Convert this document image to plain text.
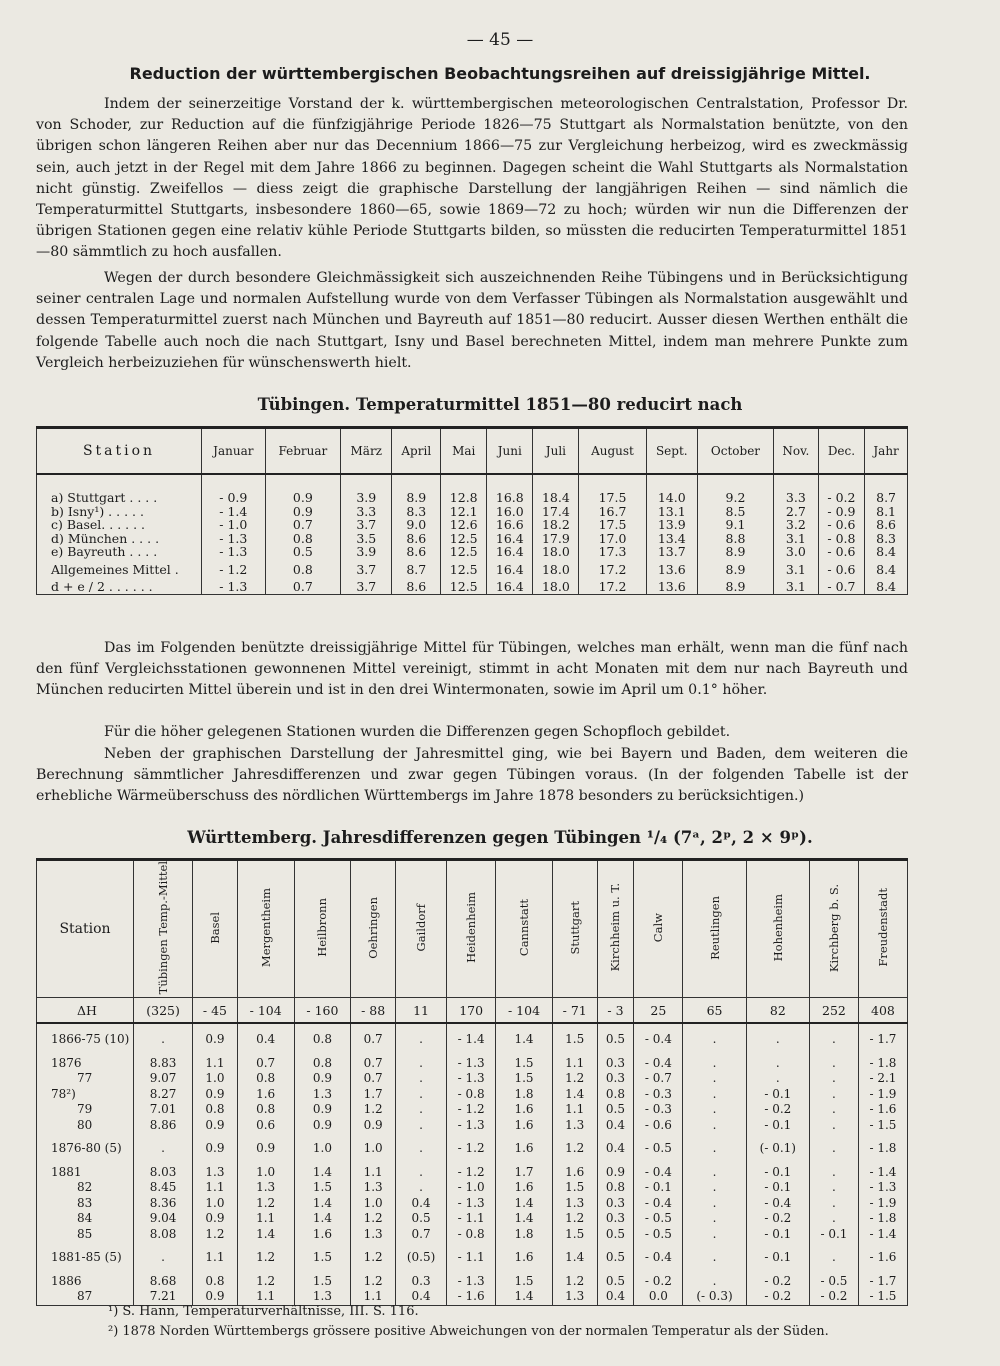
— 45 —
Reduction der württembergischen Beobachtungsreihen auf dreissigjährige Mittel.

Indem der seinerzeitige Vorstand der k. württembergischen meteorologischen Centralstation, Professor Dr. von Schoder, zur Reduction auf die fünfzigjährige Periode 1826—75 Stuttgart als Normalstation benützte, von den übrigen schon längeren Reihen aber nur das Decennium 1866—75 zur Vergleichung herbeizog, wird es zweckmässig sein, auch jetzt in der Regel mit dem Jahre 1866 zu beginnen. Dagegen scheint die Wahl Stuttgarts als Normalstation nicht günstig. Zweifellos — diess zeigt die graphische Darstellung der langjährigen Reihen — sind nämlich die Temperaturmittel Stuttgarts, insbesondere 1860—65, sowie 1869—72 zu hoch; würden wir nun die Differenzen der übrigen Stationen gegen eine relativ kühle Periode Stuttgarts bilden, so müssten die reducirten Temperaturmittel 1851—80 sämmtlich zu hoch ausfallen.

Wegen der durch besondere Gleichmässigkeit sich auszeichnenden Reihe Tübingens und in Berücksichtigung seiner centralen Lage und normalen Aufstellung wurde von dem Verfasser Tübingen als Normalstation ausgewählt und dessen Temperaturmittel zuerst nach München und Bayreuth auf 1851—80 reducirt. Ausser diesen Werthen enthält die folgende Tabelle auch noch die nach Stuttgart, Isny und Basel berechneten Mittel, indem man mehrere Punkte zum Vergleich herbeizuziehen für wünschenswerth hielt.

Tübingen. Temperaturmittel 1851—80 reducirt nach
Station	Januar	Februar	März	April	Mai	Juni	Juli	August	Sept.	October	Nov.	Dec.	Jahr
a) Stuttgart . . . .	- 0.9	0.9	3.9	8.9	12.8	16.8	18.4	17.5	14.0	9.2	3.3	- 0.2	8.7
b) Isny¹) . . . . .	- 1.4	0.9	3.3	8.3	12.1	16.0	17.4	16.7	13.1	8.5	2.7	- 0.9	8.1
c) Basel. . . . . .	- 1.0	0.7	3.7	9.0	12.6	16.6	18.2	17.5	13.9	9.1	3.2	- 0.6	8.6
d) München . . . .	- 1.3	0.8	3.5	8.6	12.5	16.4	17.9	17.0	13.4	8.8	3.1	- 0.8	8.3
e) Bayreuth . . . .	- 1.3	0.5	3.9	8.6	12.5	16.4	18.0	17.3	13.7	8.9	3.0	- 0.6	8.4
Allgemeines Mittel .	- 1.2	0.8	3.7	8.7	12.5	16.4	18.0	17.2	13.6	8.9	3.1	- 0.6	8.4
d + e / 2 . . . . . .	- 1.3	0.7	3.7	8.6	12.5	16.4	18.0	17.2	13.6	8.9	3.1	- 0.7	8.4

Das im Folgenden benützte dreissigjährige Mittel für Tübingen, welches man erhält, wenn man die fünf nach den fünf Vergleichsstationen gewonnenen Mittel vereinigt, stimmt in acht Monaten mit dem nur nach Bayreuth und München reducirten Mittel überein und ist in den drei Wintermonaten, sowie im April um 0.1° höher.

Für die höher gelegenen Stationen wurden die Differenzen gegen Schopfloch gebildet.

Neben der graphischen Darstellung der Jahresmittel ging, wie bei Bayern und Baden, dem weiteren die Berechnung sämmtlicher Jahresdifferenzen und zwar gegen Tübingen voraus. (In der folgenden Tabelle ist der erhebliche Wärmeüberschuss des nördlichen Württembergs im Jahre 1878 besonders zu berücksichtigen.)

Württemberg. Jahresdifferenzen gegen Tübingen ¹/₄ (7ᵃ, 2ᵖ, 2 × 9ᵖ).
Station	Tübingen Temp.-Mittel	Basel	Mergentheim	Heilbronn	Oehringen	Gaildorf	Heidenheim	Cannstatt	Stuttgart	Kirchheim u. T.	Calw	Reutlingen	Hohenheim	Kirchberg b. S.	Freudenstadt
ΔH	(325)	- 45	- 104	- 160	- 88	11	170	- 104	- 71	- 3	25	65	82	252	408
1866-75 (10)	.	0.9	0.4	0.8	0.7	.	- 1.4	1.4	1.5	0.5	- 0.4	.	.	.	- 1.7
1876	8.83	1.1	0.7	0.8	0.7	.	- 1.3	1.5	1.1	0.3	- 0.4	.	.	.	- 1.8
77	9.07	1.0	0.8	0.9	0.7	.	- 1.3	1.5	1.2	0.3	- 0.7	.	.	.	- 2.1
78²)	8.27	0.9	1.6	1.3	1.7	.	- 0.8	1.8	1.4	0.8	- 0.3	.	- 0.1	.	- 1.9
79	7.01	0.8	0.8	0.9	1.2	.	- 1.2	1.6	1.1	0.5	- 0.3	.	- 0.2	.	- 1.6
80	8.86	0.9	0.6	0.9	0.9	.	- 1.3	1.6	1.3	0.4	- 0.6	.	- 0.1	.	- 1.5
1876-80 (5)	.	0.9	0.9	1.0	1.0	.	- 1.2	1.6	1.2	0.4	- 0.5	.	(- 0.1)	.	- 1.8
1881	8.03	1.3	1.0	1.4	1.1	.	- 1.2	1.7	1.6	0.9	- 0.4	.	- 0.1	.	- 1.4
82	8.45	1.1	1.3	1.5	1.3	.	- 1.0	1.6	1.5	0.8	- 0.1	.	- 0.1	.	- 1.3
83	8.36	1.0	1.2	1.4	1.0	0.4	- 1.3	1.4	1.3	0.3	- 0.4	.	- 0.4	.	- 1.9
84	9.04	0.9	1.1	1.4	1.2	0.5	- 1.1	1.4	1.2	0.3	- 0.5	.	- 0.2	.	- 1.8
85	8.08	1.2	1.4	1.6	1.3	0.7	- 0.8	1.8	1.5	0.5	- 0.5	.	- 0.1	- 0.1	- 1.4
1881-85 (5)	.	1.1	1.2	1.5	1.2	(0.5)	- 1.1	1.6	1.4	0.5	- 0.4	.	- 0.1	.	- 1.6
1886	8.68	0.8	1.2	1.5	1.2	0.3	- 1.3	1.5	1.2	0.5	- 0.2	.	- 0.2	- 0.5	- 1.7
87	7.21	0.9	1.1	1.3	1.1	0.4	- 1.6	1.4	1.3	0.4	0.0	(- 0.3)	- 0.2	- 0.2	- 1.5

¹) S. Hann, Temperaturverhältnisse, III. S. 116.

²) 1878 Norden Württembergs grössere positive Abweichungen von der normalen Temperatur als der Süden.
